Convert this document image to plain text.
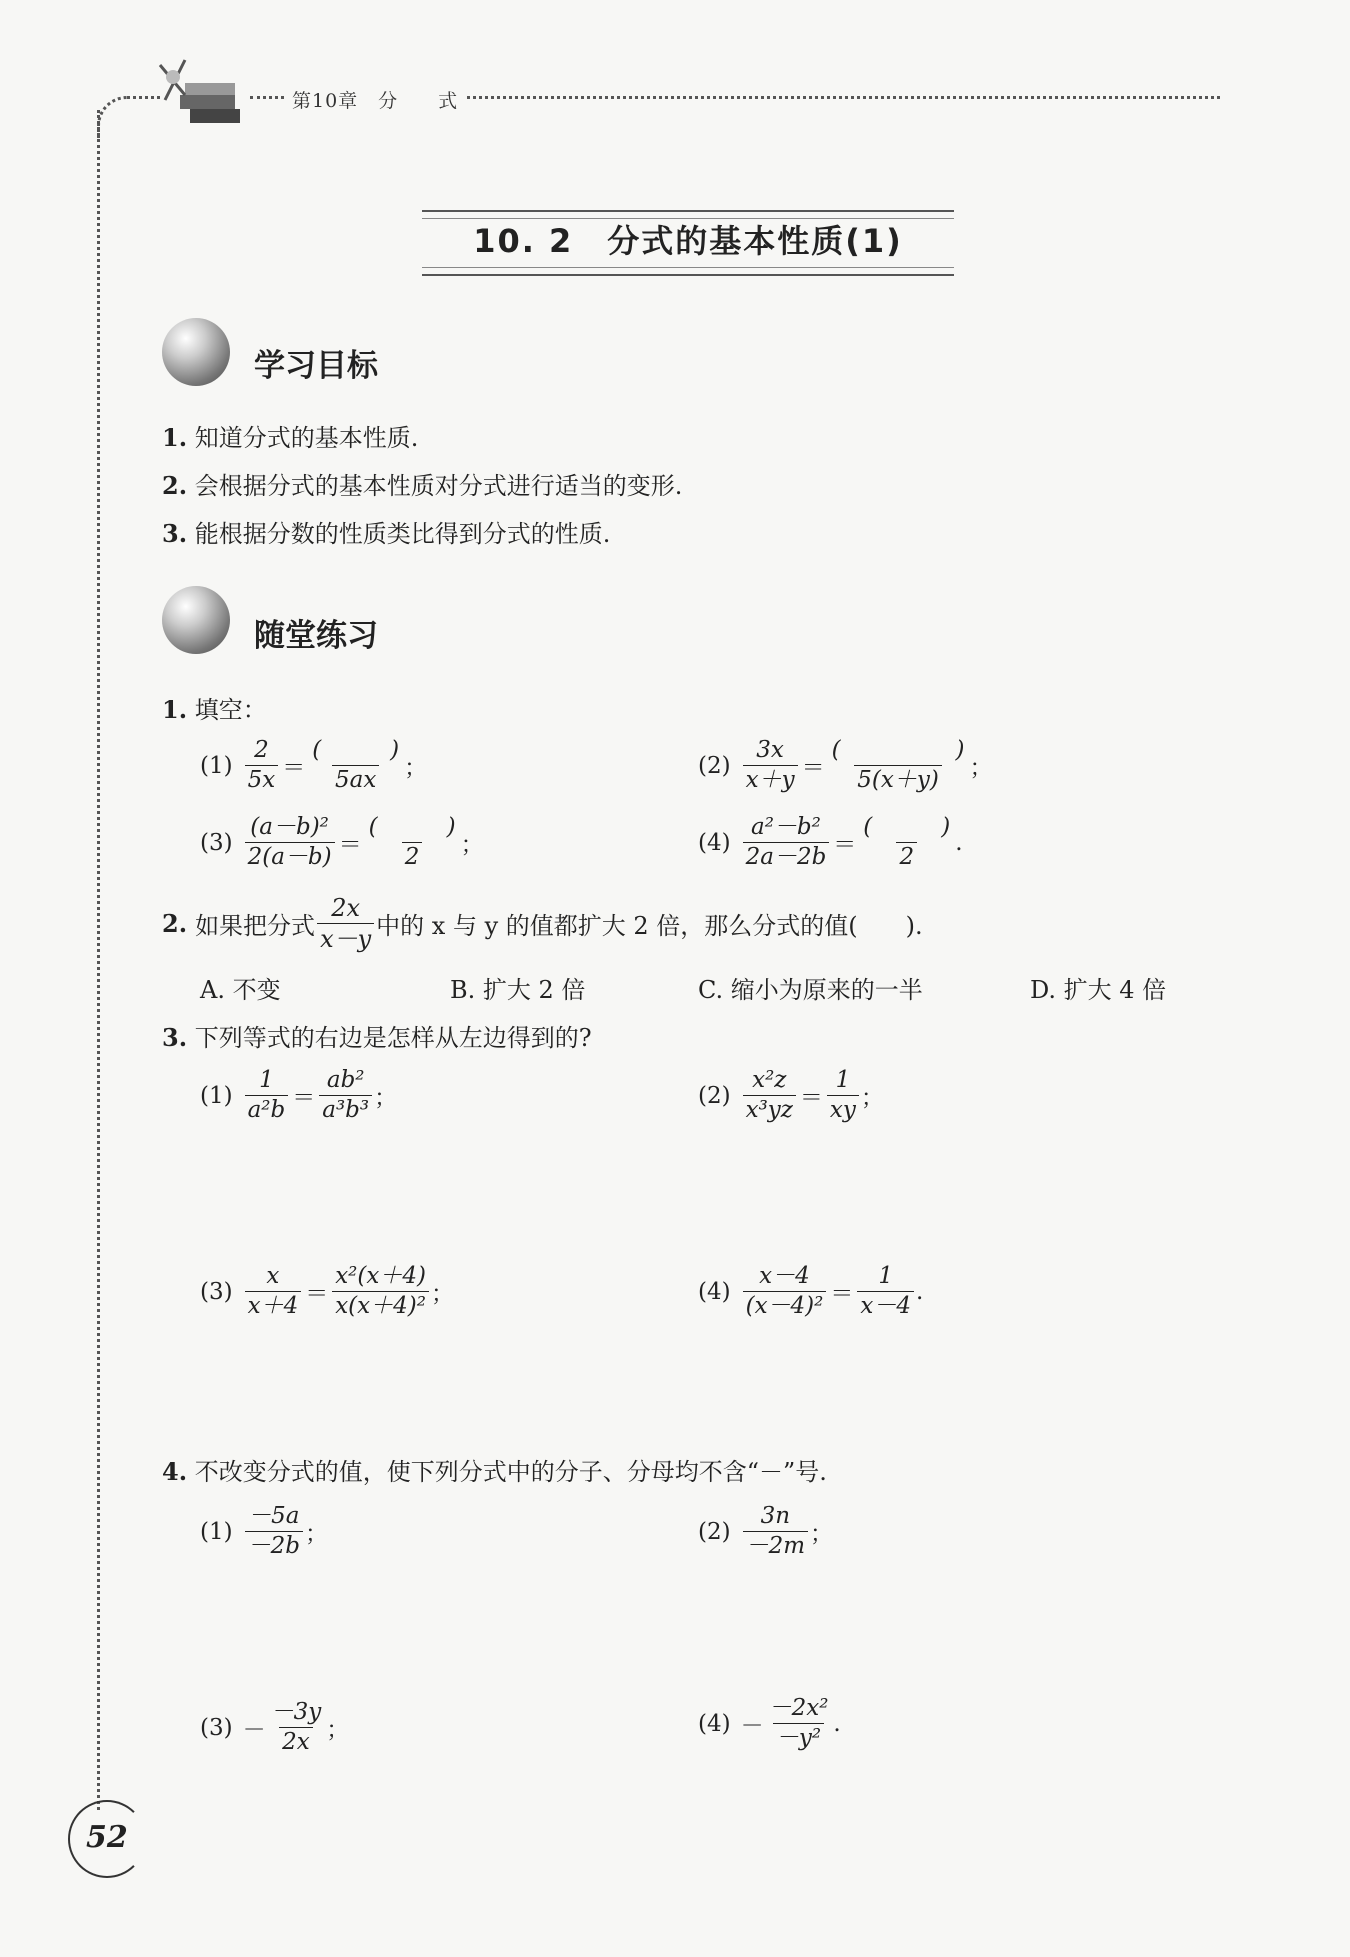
第10章　分　　式
10. 2　分式的基本性质(1)
学习目标
1. 知道分式的基本性质.
2. 会根据分式的基本性质对分式进行适当的变形.
3. 能根据分数的性质类比得到分式的性质.
随堂练习
1. 填空：
$(1) \frac{2}{5x} = \frac{( )}{5ax}$ ；	$(2) \frac{3x}{x+y} = \frac{( )}{5(x+y)}$ ；
$(3) \frac{\text{(a－b)²}}{2(a-b)} = \frac{( )}{2}$ ；	$(4) \frac{\text{a²－b²}}{2a-2b} = \frac{( )}{2}$ .
2. 如果把分式 $\frac{2x}{x-y}$ 中的 x 与 y 的值都扩大 2 倍，那么分式的值(　　).
A. 不变	B. 扩大 2 倍	C. 缩小为原来的一半	D. 扩大 4 倍
3. 下列等式的右边是怎样从左边得到的?
$(1) \frac{1}{\text{a²b}} = \frac{\text{ab²}}{\text{a³b³}}$ ；	$(2) \frac{\text{x²z}}{\text{x³yz}} = \frac{1}{xy}$ ；
$(3) \frac{x}{x+4} = \frac{\text{x²(x＋4)}}{\text{x(x＋4)²}}$ ；	$(4) \frac{x-4}{\text{(x－4)²}} = \frac{1}{x-4}$ .
4. 不改变分式的值，使下列分式中的分子、分母均不含“－”号.
$(1) \frac{-5a}{-2b}$ ；	$(2) \frac{3n}{-2m}$ ；
$(3) - \frac{-3y}{2x}$ ；	$(4) - \frac{\text{－2x²}}{\text{－y²}}$ .
52
